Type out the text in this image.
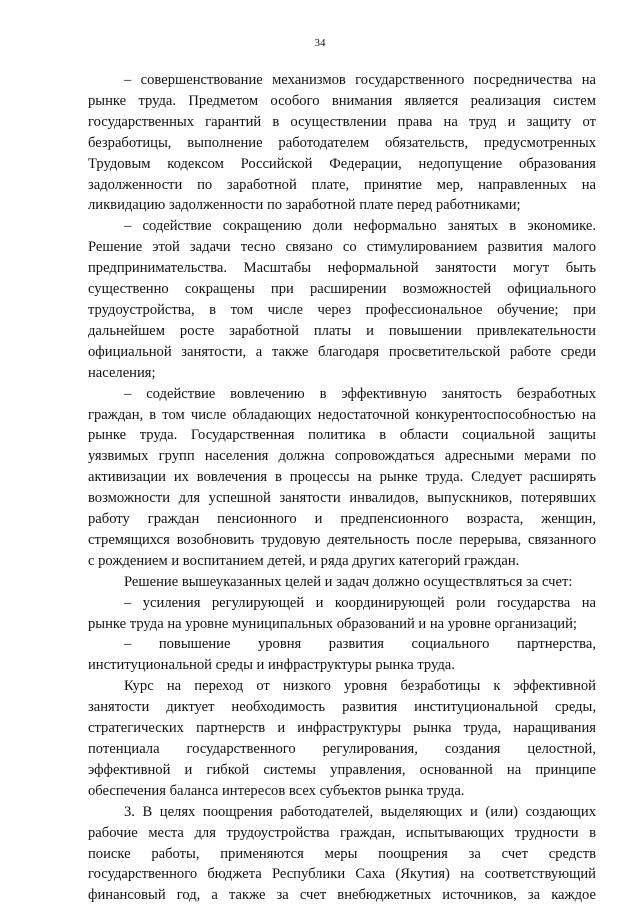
34
– совершенствование механизмов государственного посредничества на
рынке труда. Предметом особого внимания является реализация систем
государственных гарантий в осуществлении права на труд и защиту от
безработицы, выполнение работодателем обязательств, предусмотренных
Трудовым кодексом Российской Федерации, недопущение образования
задолженности по заработной плате, принятие мер, направленных на
ликвидацию задолженности по заработной плате перед работниками;
– содействие сокращению доли неформально занятых в экономике.
Решение этой задачи тесно связано со стимулированием развития малого
предпринимательства. Масштабы неформальной занятости могут быть
существенно сокращены при расширении возможностей официального
трудоустройства, в том числе через профессиональное обучение; при
дальнейшем росте заработной платы и повышении привлекательности
официальной занятости, а также благодаря просветительской работе среди
населения;
– содействие вовлечению в эффективную занятость безработных
граждан, в том числе обладающих недостаточной конкурентоспособностью на
рынке труда. Государственная политика в области социальной защиты
уязвимых групп населения должна сопровождаться адресными мерами по
активизации их вовлечения в процессы на рынке труда. Следует расширять
возможности для успешной занятости инвалидов, выпускников, потерявших
работу граждан пенсионного и предпенсионного возраста, женщин,
стремящихся возобновить трудовую деятельность после перерыва, связанного
с рождением и воспитанием детей, и ряда других категорий граждан.
Решение вышеуказанных целей и задач должно осуществляться за счет:
– усиления регулирующей и координирующей роли государства на
рынке труда на уровне муниципальных образований и на уровне организаций;
– повышение уровня развития социального партнерства,
институциональной среды и инфраструктуры рынка труда.
Курс на переход от низкого уровня безработицы к эффективной
занятости диктует необходимость развития институциональной среды,
стратегических партнерств и инфраструктуры рынка труда, наращивания
потенциала государственного регулирования, создания целостной,
эффективной и гибкой системы управления, основанной на принципе
обеспечения баланса интересов всех субъектов рынка труда.
3. В целях поощрения работодателей, выделяющих и (или) создающих
рабочие места для трудоустройства граждан, испытывающих трудности в
поиске работы, применяются меры поощрения за счет средств
государственного бюджета Республики Саха (Якутия) на соответствующий
финансовый год, а также за счет внебюджетных источников, за каждое
